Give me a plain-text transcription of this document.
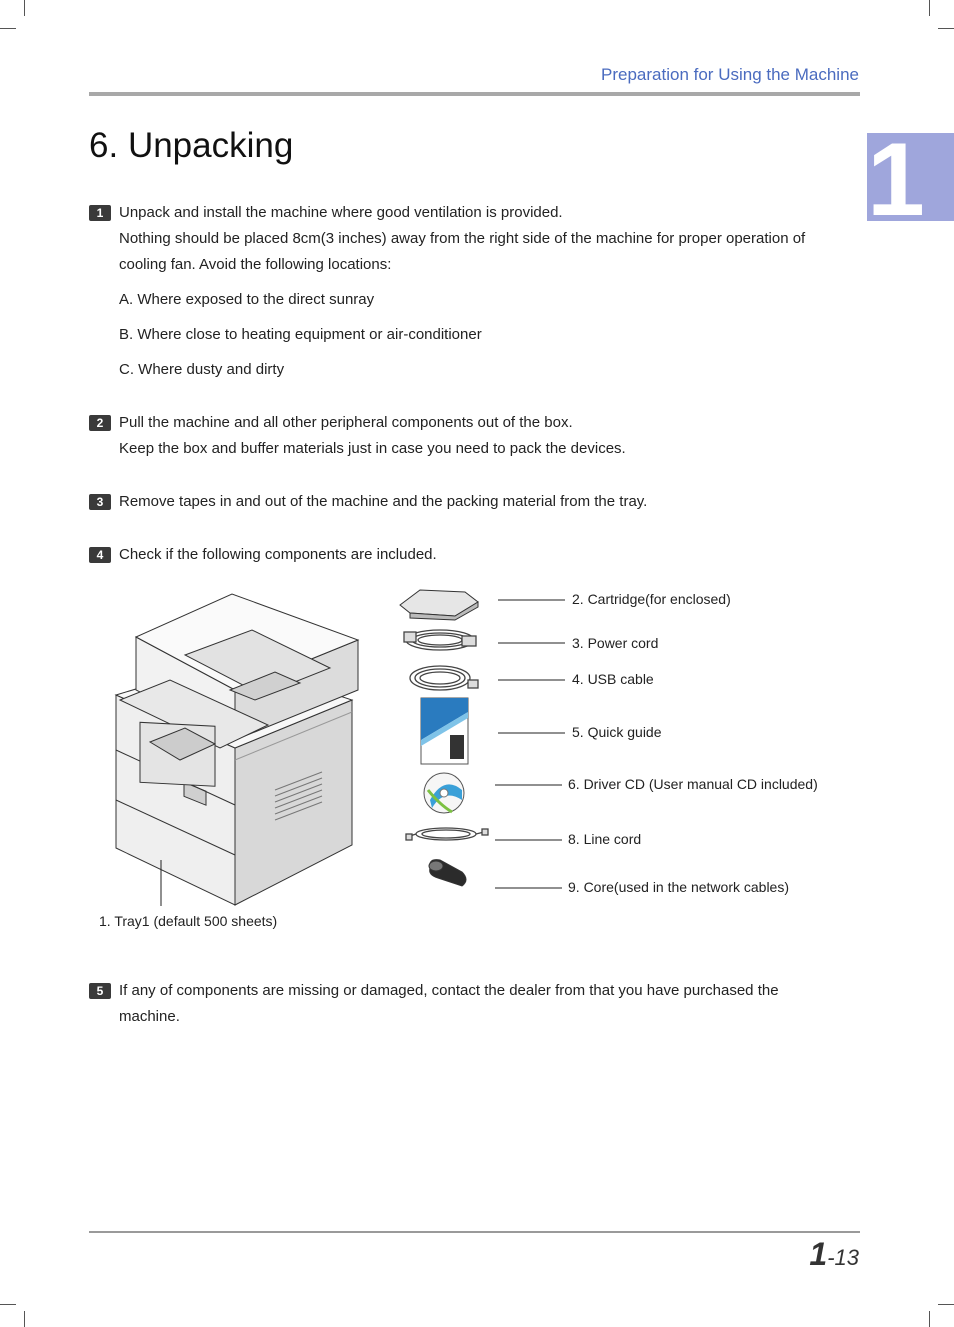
Preparation for Using the Machine
1
6. Unpacking
1	Unpack and install the machine where good ventilation is provided.
Nothing should be placed 8cm(3 inches) away from the right side of the machine for proper operation of
cooling fan. Avoid the following locations:
A. Where exposed to the direct sunray
B. Where close to heating equipment or air-conditioner
C. Where dusty and dirty
2	Pull the machine and all other peripheral components out of the box.
Keep the box and buffer materials just in case you need to pack the devices.
3	Remove tapes in and out of the machine and the packing material from the tray.
4	Check if the following components are included.
1. Tray1 (default 500 sheets)
2. Cartridge(for enclosed)
3. Power cord
4. USB cable
5. Quick guide
6. Driver CD (User manual CD included)
8. Line cord
9. Core(used in the network cables)
5	If any of components are missing or damaged, contact the dealer from that you have purchased the
machine.
1-13
